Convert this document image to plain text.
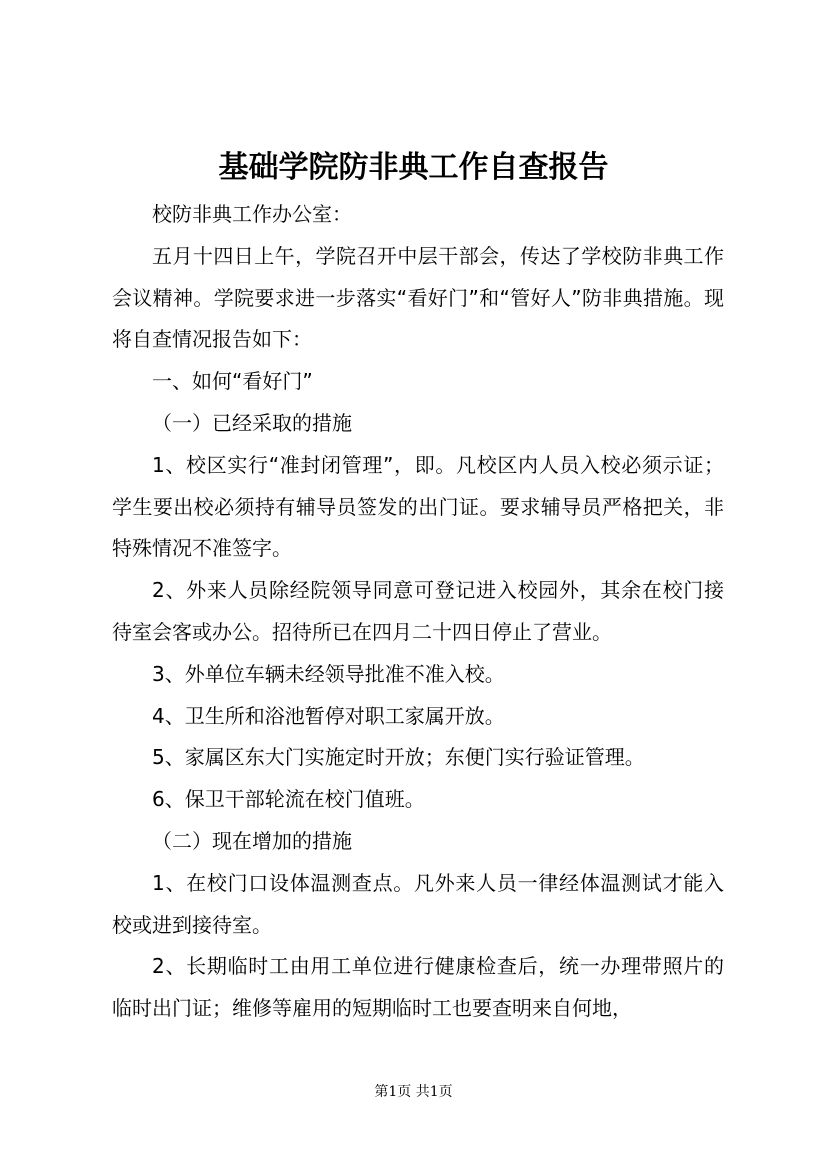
基础学院防非典工作自查报告

校防非典工作办公室：

五月十四日上午，学院召开中层干部会，传达了学校防非典工作会议精神。学院要求进一步落实“看好门”和“管好人”防非典措施。现将自查情况报告如下：

一、如何“看好门”

（一）已经采取的措施

1、校区实行“准封闭管理”，即。凡校区内人员入校必须示证；学生要出校必须持有辅导员签发的出门证。要求辅导员严格把关，非特殊情况不准签字。

2、外来人员除经院领导同意可登记进入校园外，其余在校门接待室会客或办公。招待所已在四月二十四日停止了营业。

3、外单位车辆未经领导批准不准入校。

4、卫生所和浴池暂停对职工家属开放。

5、家属区东大门实施定时开放；东便门实行验证管理。

6、保卫干部轮流在校门值班。

（二）现在增加的措施

1、在校门口设体温测查点。凡外来人员一律经体温测试才能入校或进到接待室。

2、长期临时工由用工单位进行健康检查后，统一办理带照片的临时出门证；维修等雇用的短期临时工也要查明来自何地，

第1页 共1页
